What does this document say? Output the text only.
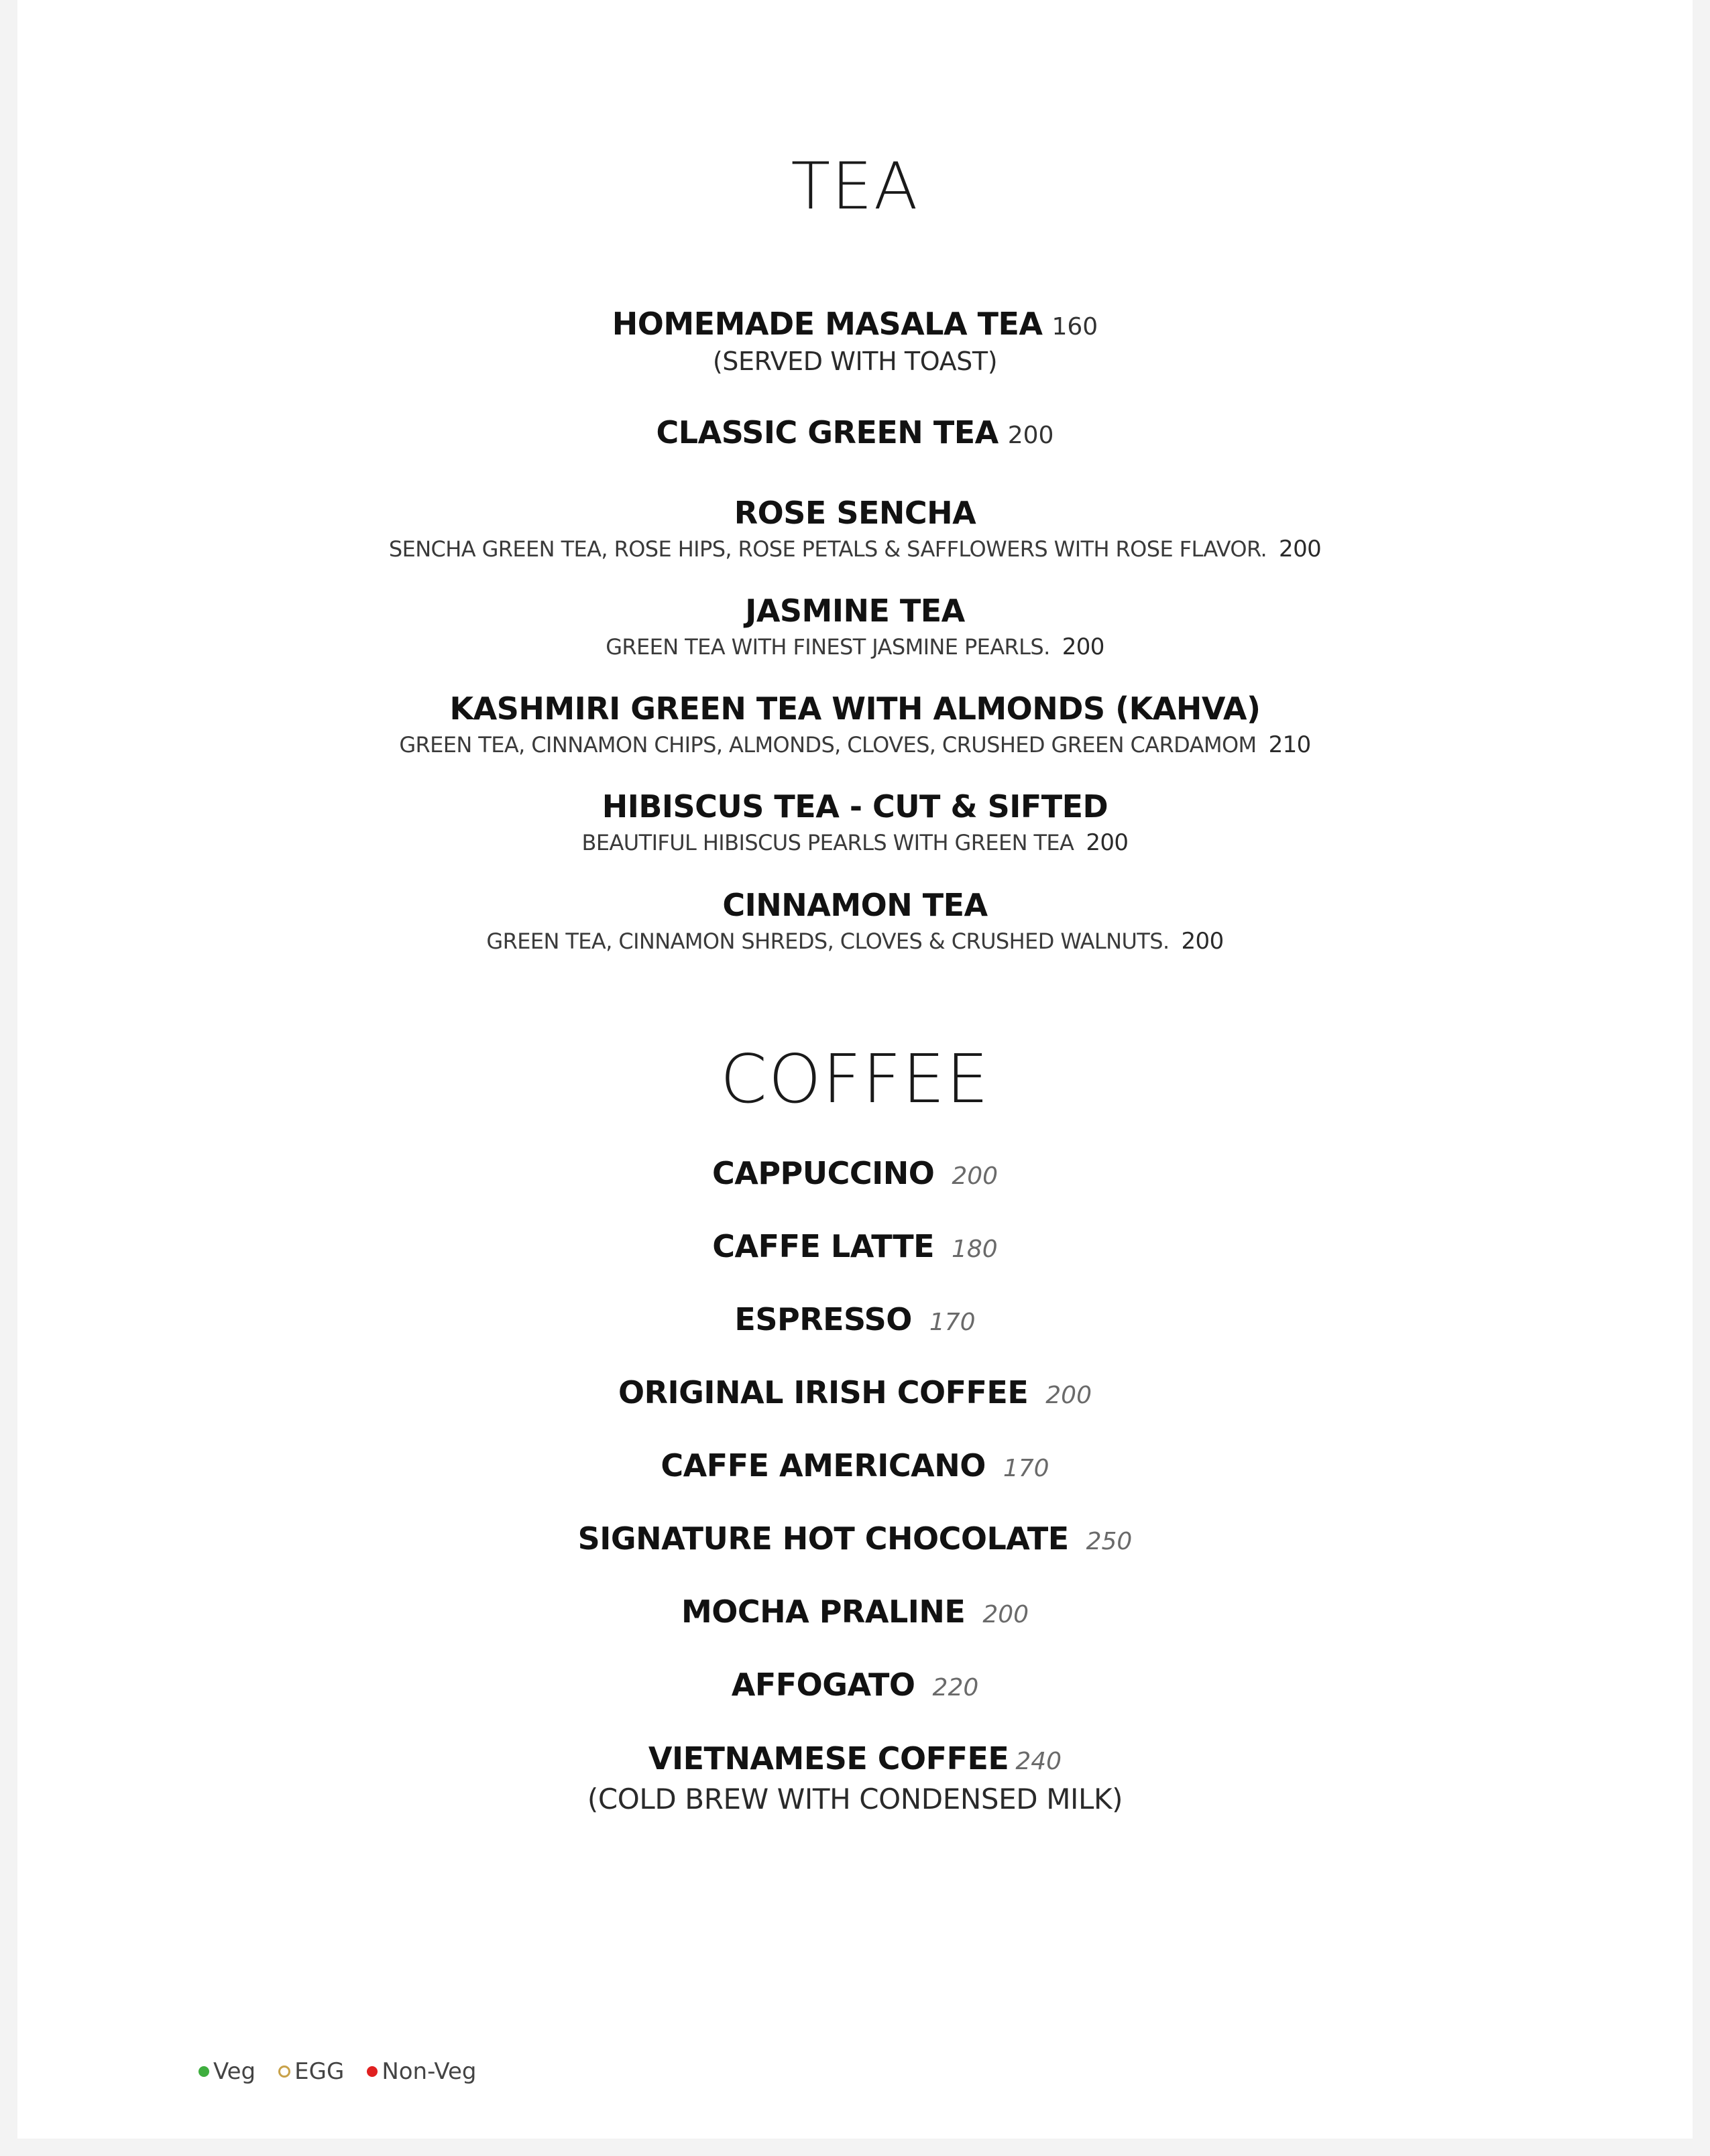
TEA
HOMEMADE MASALA TEA 160
(SERVED WITH TOAST)
CLASSIC GREEN TEA 200
ROSE SENCHA
SENCHA GREEN TEA, ROSE HIPS, ROSE PETALS & SAFFLOWERS WITH ROSE FLAVOR. 200
JASMINE TEA
GREEN TEA WITH FINEST JASMINE PEARLS. 200
KASHMIRI GREEN TEA WITH ALMONDS (KAHVA)
GREEN TEA, CINNAMON CHIPS, ALMONDS, CLOVES, CRUSHED GREEN CARDAMOM 210
HIBISCUS TEA - CUT & SIFTED
BEAUTIFUL HIBISCUS PEARLS WITH GREEN TEA 200
CINNAMON TEA
GREEN TEA, CINNAMON SHREDS, CLOVES & CRUSHED WALNUTS. 200
COFFEE
CAPPUCCINO 200
CAFFE LATTE 180
ESPRESSO 170
ORIGINAL IRISH COFFEE 200
CAFFE AMERICANO 170
SIGNATURE HOT CHOCOLATE 250
MOCHA PRALINE 200
AFFOGATO 220
VIETNAMESE COFFEE 240
(COLD BREW WITH CONDENSED MILK)
Veg EGG Non-Veg
